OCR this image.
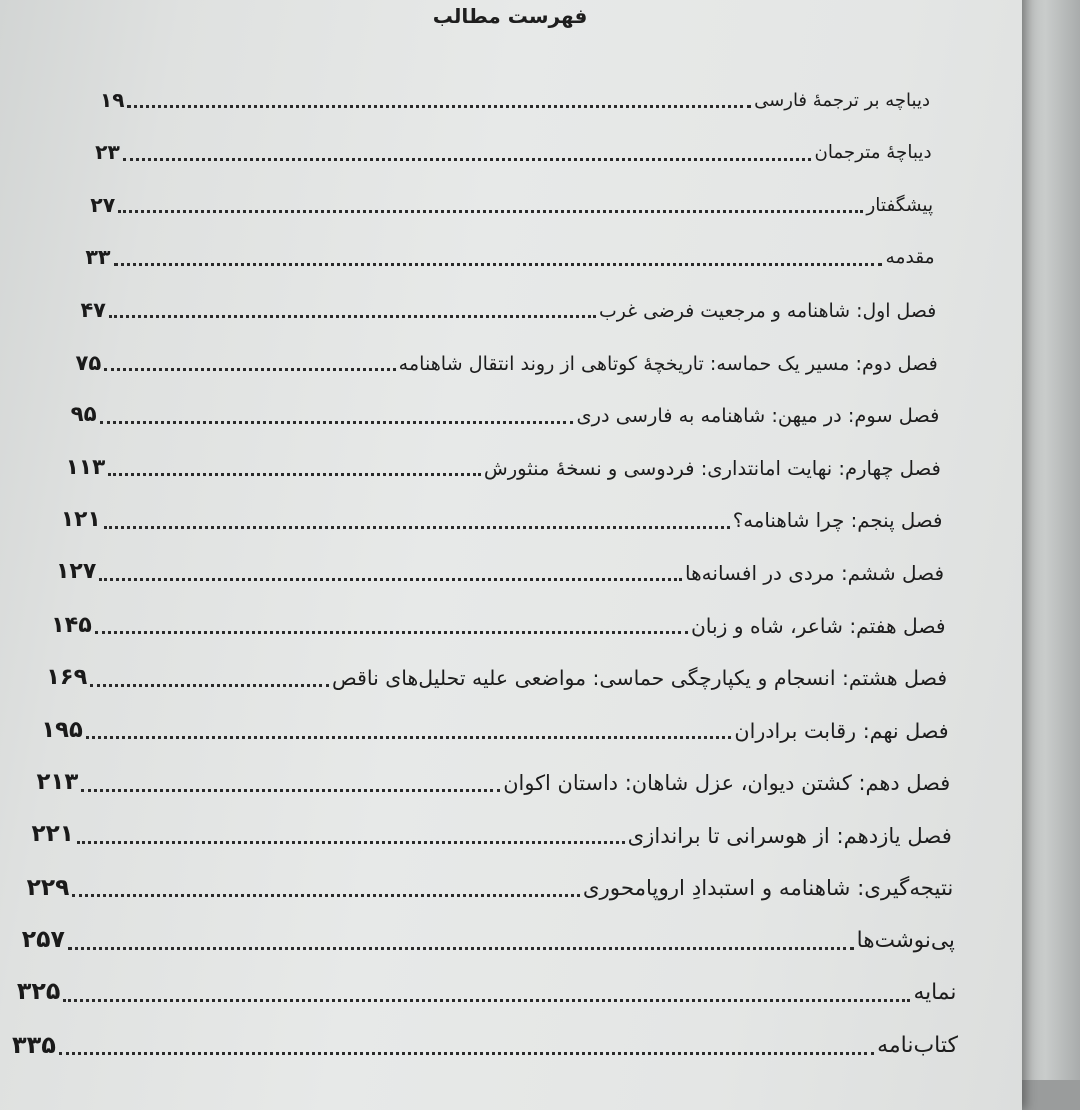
فهرست مطالب
دیباچه بر ترجمهٔ فارسی
۱۹
دیباچهٔ مترجمان
۲۳
پیشگفتار
۲۷
مقدمه
۳۳
فصل اول: شاهنامه و مرجعیت فرضی غرب
۴۷
فصل دوم: مسیر یک حماسه: تاریخچهٔ کوتاهی از روند انتقال شاهنامه
۷۵
فصل سوم: در میهن: شاهنامه به فارسی دری
۹۵
فصل چهارم: نهایت امانتداری: فردوسی و نسخهٔ منثورش
۱۱۳
فصل پنجم: چرا شاهنامه؟
۱۲۱
فصل ششم: مردی در افسانه‌ها
۱۲۷
فصل هفتم: شاعر، شاه و زبان
۱۴۵
فصل هشتم: انسجام و یکپارچگی حماسی: مواضعی علیه تحلیل‌های ناقص
۱۶۹
فصل نهم: رقابت برادران
۱۹۵
فصل دهم: کشتن دیوان، عزل شاهان: داستان اکوان
۲۱۳
فصل یازدهم: از هوسرانی تا براندازی
۲۲۱
نتیجه‌گیری: شاهنامه و استبدادِ اروپامحوری
۲۲۹
پی‌نوشت‌ها
۲۵۷
نمایه
۳۲۵
کتاب‌نامه
۳۳۵
